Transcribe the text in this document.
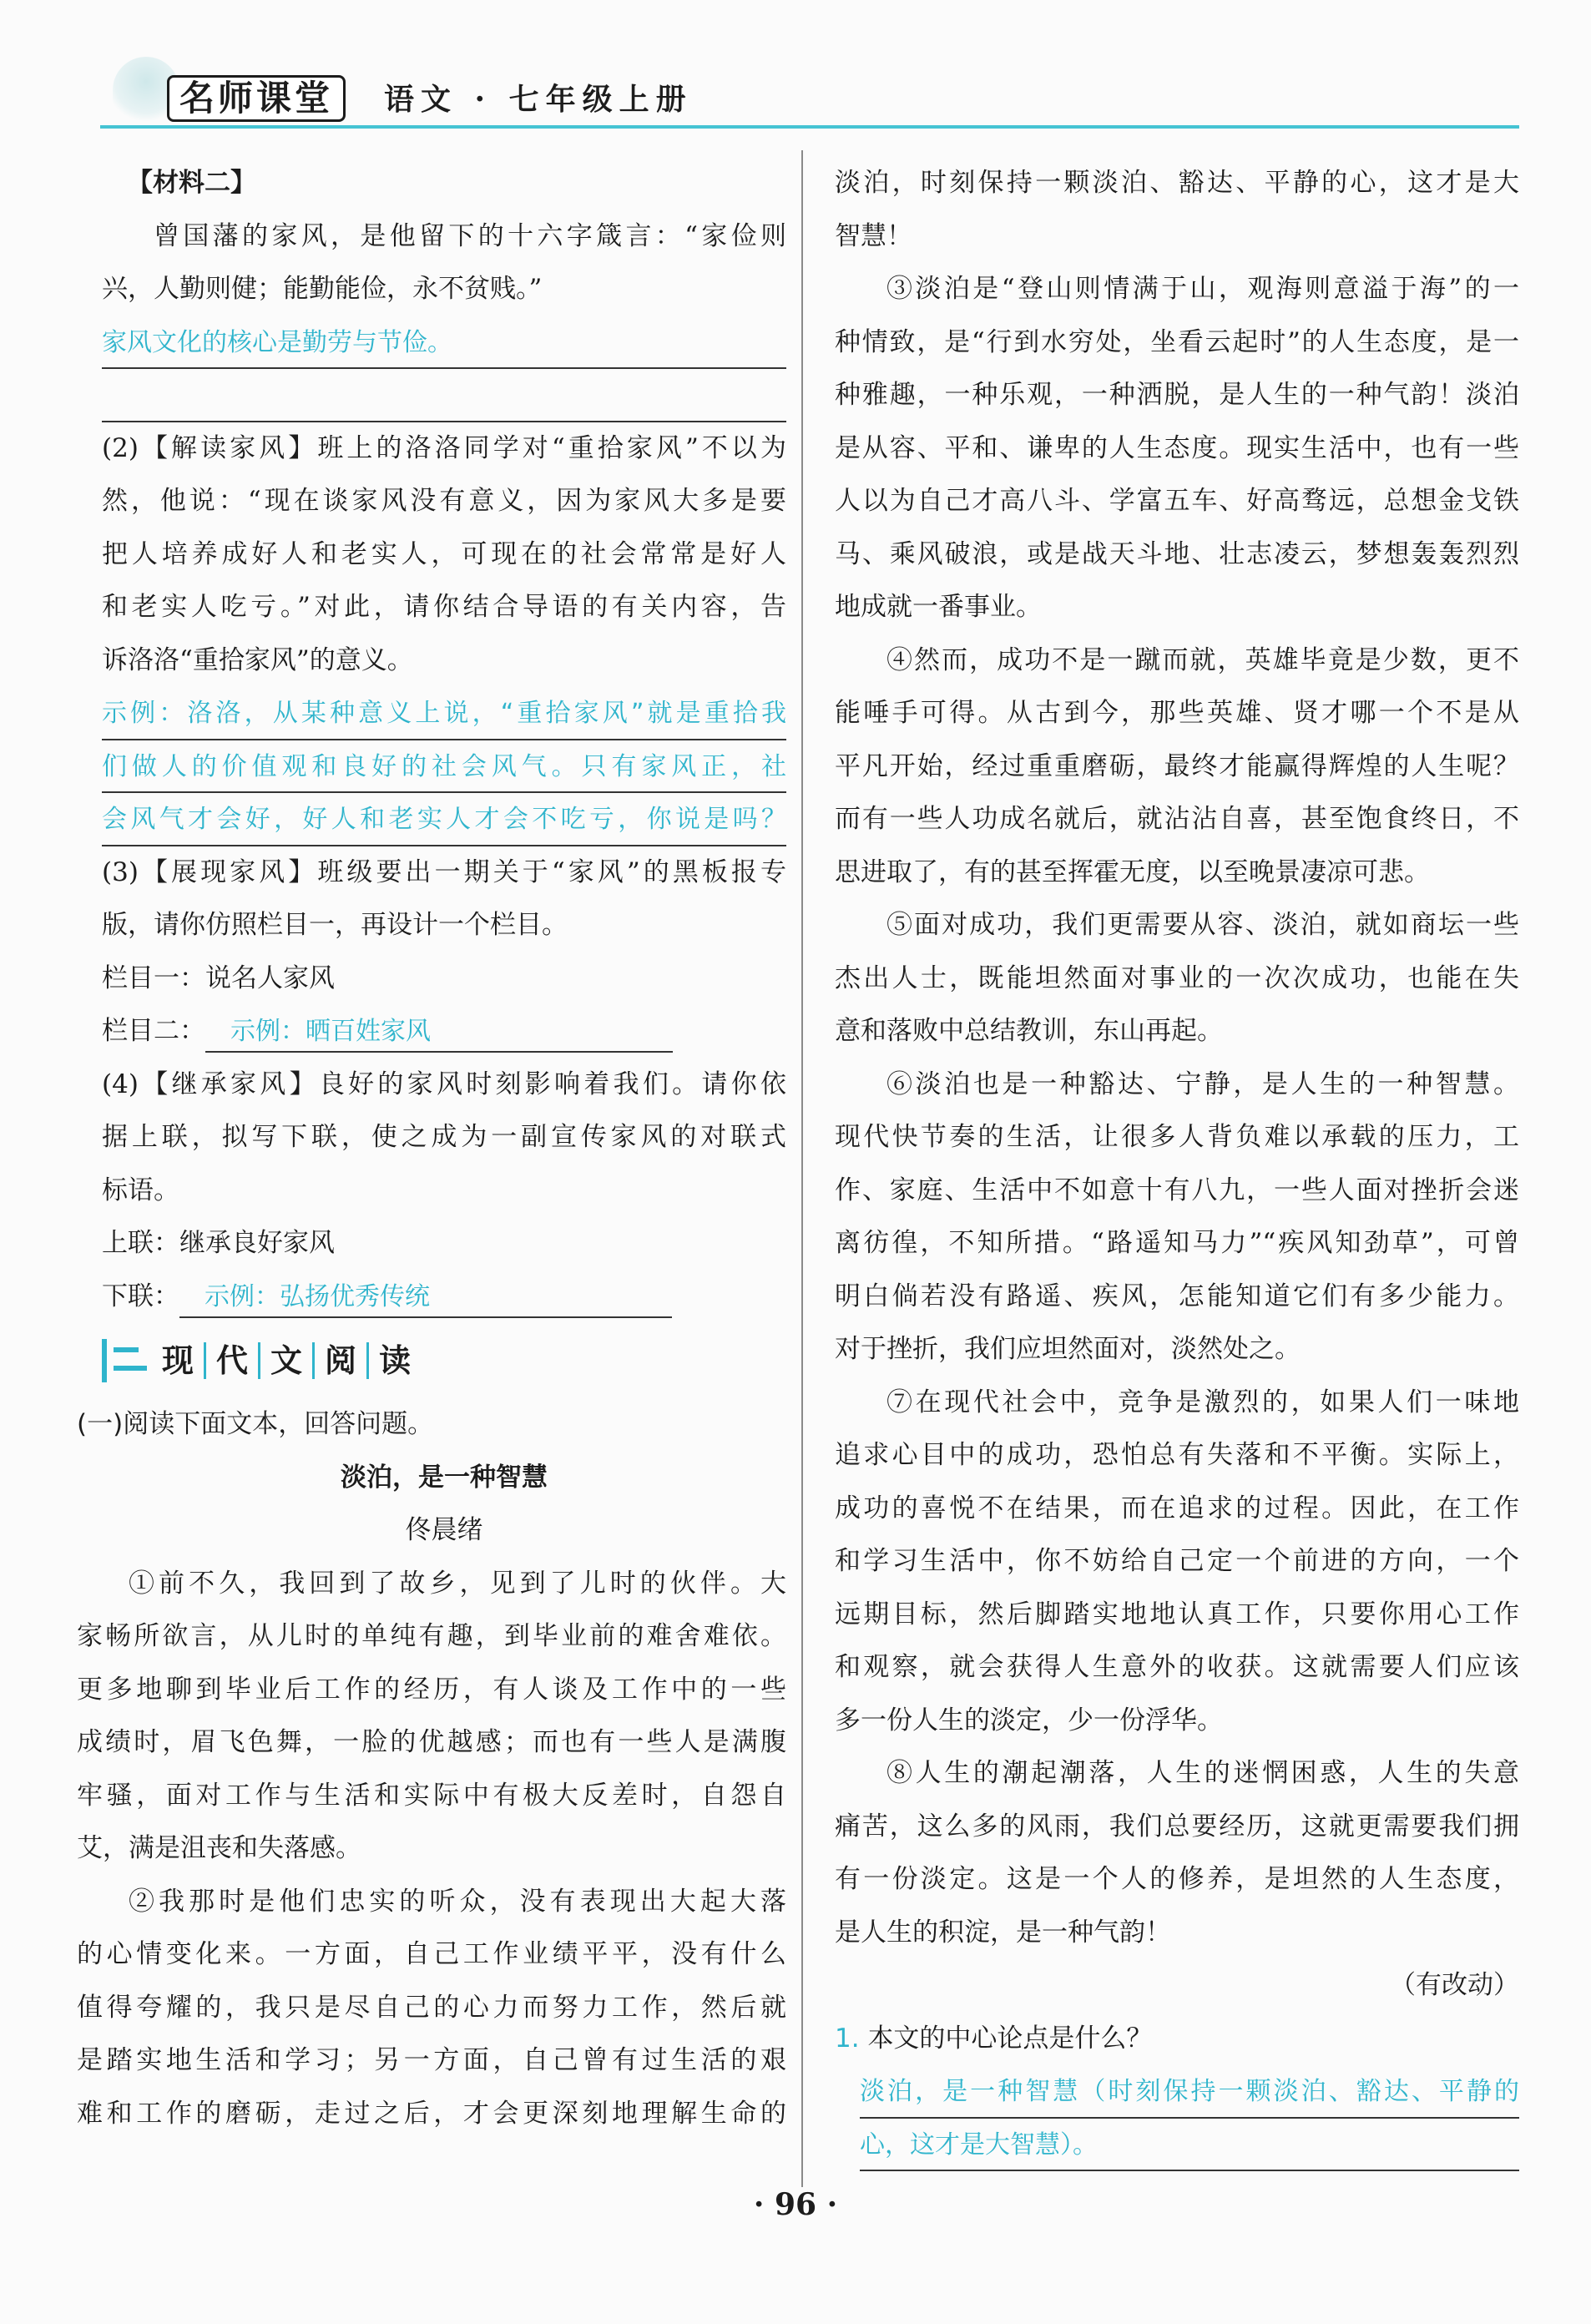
名师课堂	语文 · 七年级上册
【材料二】
曾国藩的家风，是他留下的十六字箴言：“家俭则
兴，人勤则健；能勤能俭，永不贫贱。”
家风文化的核心是勤劳与节俭。
(2)【解读家风】班上的洛洛同学对“重拾家风”不以为
然，他说：“现在谈家风没有意义，因为家风大多是要
把人培养成好人和老实人，可现在的社会常常是好人
和老实人吃亏。”对此，请你结合导语的有关内容，告
诉洛洛“重拾家风”的意义。
示例：洛洛，从某种意义上说，“重拾家风”就是重拾我
们做人的价值观和良好的社会风气。只有家风正，社
会风气才会好，好人和老实人才会不吃亏，你说是吗？
(3)【展现家风】班级要出一期关于“家风”的黑板报专
版，请你仿照栏目一，再设计一个栏目。
栏目一：说名人家风
栏目二： 示例：晒百姓家风
(4)【继承家风】良好的家风时刻影响着我们。请你依
据上联，拟写下联，使之成为一副宣传家风的对联式
标语。
上联：继承良好家风
下联： 示例：弘扬优秀传统
现 代 文 阅 读
(一)阅读下面文本，回答问题。
淡泊，是一种智慧
佟晨绪
①前不久，我回到了故乡，见到了儿时的伙伴。大
家畅所欲言，从儿时的单纯有趣，到毕业前的难舍难依。
更多地聊到毕业后工作的经历，有人谈及工作中的一些
成绩时，眉飞色舞，一脸的优越感；而也有一些人是满腹
牢骚，面对工作与生活和实际中有极大反差时，自怨自
艾，满是沮丧和失落感。
②我那时是他们忠实的听众，没有表现出大起大落
的心情变化来。一方面，自己工作业绩平平，没有什么
值得夸耀的，我只是尽自己的心力而努力工作，然后就
是踏实地生活和学习；另一方面，自己曾有过生活的艰
难和工作的磨砺，走过之后，才会更深刻地理解生命的
淡泊，时刻保持一颗淡泊、豁达、平静的心，这才是大
智慧！
③淡泊是“登山则情满于山，观海则意溢于海”的一
种情致，是“行到水穷处，坐看云起时”的人生态度，是一
种雅趣，一种乐观，一种洒脱，是人生的一种气韵！淡泊
是从容、平和、谦卑的人生态度。现实生活中，也有一些
人以为自己才高八斗、学富五车、好高骛远，总想金戈铁
马、乘风破浪，或是战天斗地、壮志凌云，梦想轰轰烈烈
地成就一番事业。
④然而，成功不是一蹴而就，英雄毕竟是少数，更不
能唾手可得。从古到今，那些英雄、贤才哪一个不是从
平凡开始，经过重重磨砺，最终才能赢得辉煌的人生呢？
而有一些人功成名就后，就沾沾自喜，甚至饱食终日，不
思进取了，有的甚至挥霍无度，以至晚景凄凉可悲。
⑤面对成功，我们更需要从容、淡泊，就如商坛一些
杰出人士，既能坦然面对事业的一次次成功，也能在失
意和落败中总结教训，东山再起。
⑥淡泊也是一种豁达、宁静，是人生的一种智慧。
现代快节奏的生活，让很多人背负难以承载的压力，工
作、家庭、生活中不如意十有八九，一些人面对挫折会迷
离彷徨，不知所措。“路遥知马力”“疾风知劲草”，可曾
明白倘若没有路遥、疾风，怎能知道它们有多少能力。
对于挫折，我们应坦然面对，淡然处之。
⑦在现代社会中，竞争是激烈的，如果人们一味地
追求心目中的成功，恐怕总有失落和不平衡。实际上，
成功的喜悦不在结果，而在追求的过程。因此，在工作
和学习生活中，你不妨给自己定一个前进的方向，一个
远期目标，然后脚踏实地地认真工作，只要你用心工作
和观察，就会获得人生意外的收获。这就需要人们应该
多一份人生的淡定，少一份浮华。
⑧人生的潮起潮落，人生的迷惘困惑，人生的失意
痛苦，这么多的风雨，我们总要经历，这就更需要我们拥
有一份淡定。这是一个人的修养，是坦然的人生态度，
是人生的积淀，是一种气韵！
（有改动）
1. 本文的中心论点是什么？
淡泊，是一种智慧（时刻保持一颗淡泊、豁达、平静的
心，这才是大智慧）。
· 96 ·
